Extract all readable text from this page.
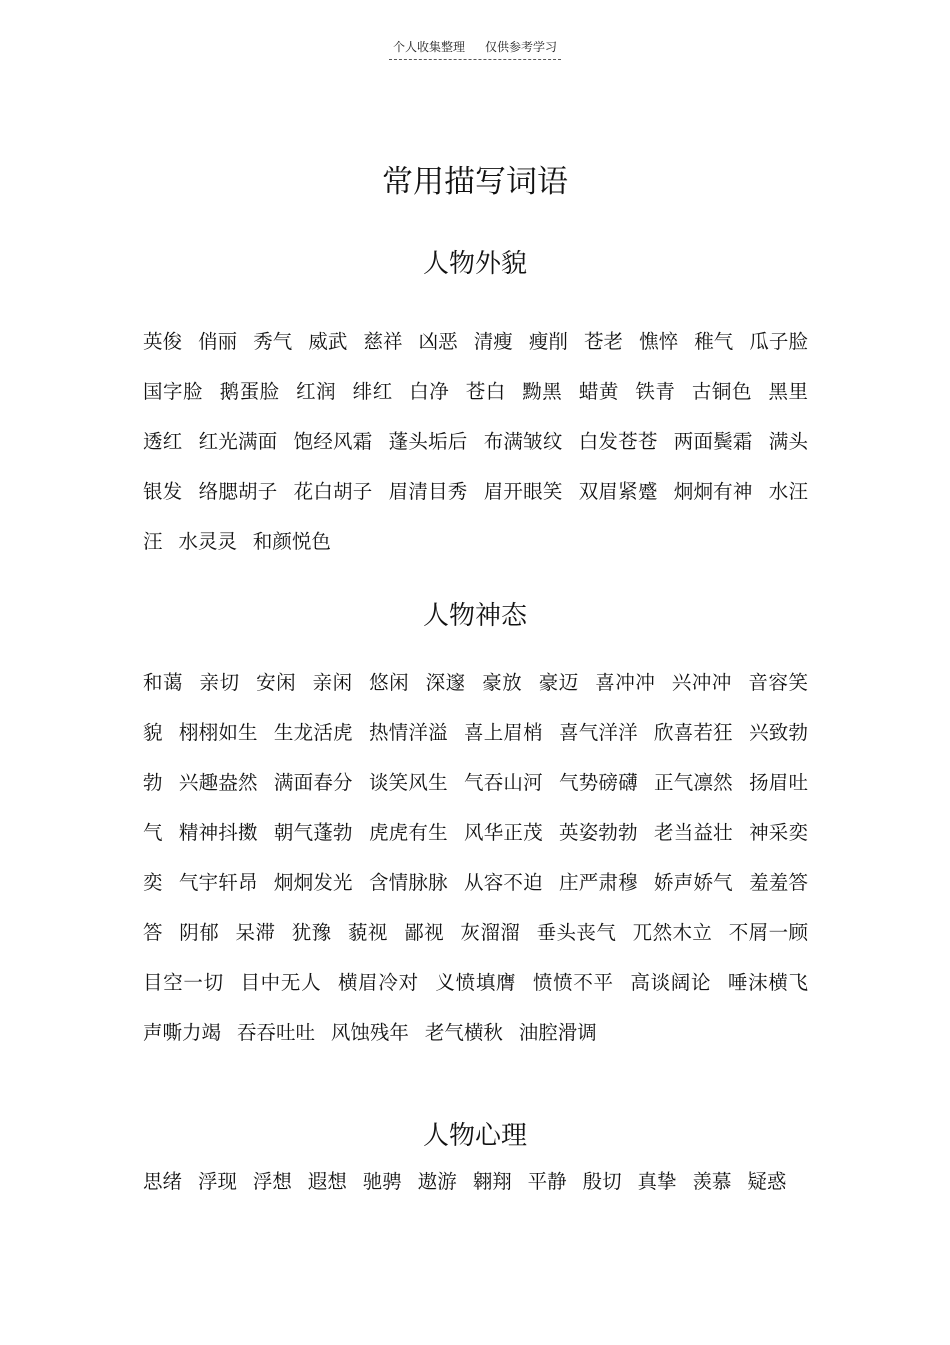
个人收集整理 仅供参考学习
常用描写词语
人物外貌
英俊 俏丽 秀气 威武 慈祥 凶恶 清瘦 瘦削 苍老 憔悴 稚气 瓜子脸 国字脸 鹅蛋脸 红润 绯红 白净 苍白 黝黑 蜡黄 铁青 古铜色 黑里透红 红光满面 饱经风霜 蓬头垢后 布满皱纹 白发苍苍 两面鬓霜 满头银发 络腮胡子 花白胡子 眉清目秀 眉开眼笑 双眉紧蹙 炯炯有神 水汪汪 水灵灵 和颜悦色
人物神态
和蔼 亲切 安闲 亲闲 悠闲 深邃 豪放 豪迈 喜冲冲 兴冲冲 音容笑貌 栩栩如生 生龙活虎 热情洋溢 喜上眉梢 喜气洋洋 欣喜若狂 兴致勃勃 兴趣盎然 满面春分 谈笑风生 气吞山河 气势磅礴 正气凛然 扬眉吐气 精神抖擞 朝气蓬勃 虎虎有生 风华正茂 英姿勃勃 老当益壮 神采奕奕 气宇轩昂 炯炯发光 含情脉脉 从容不迫 庄严肃穆 娇声娇气 羞羞答答 阴郁 呆滞 犹豫 藐视 鄙视 灰溜溜 垂头丧气 兀然木立 不屑一顾 目空一切 目中无人 横眉冷对 义愤填膺 愤愤不平 高谈阔论 唾沫横飞 声嘶力竭 吞吞吐吐 风蚀残年 老气横秋 油腔滑调
人物心理
思绪 浮现 浮想 遐想 驰骋 遨游 翱翔 平静 殷切 真挚 羡慕 疑惑
